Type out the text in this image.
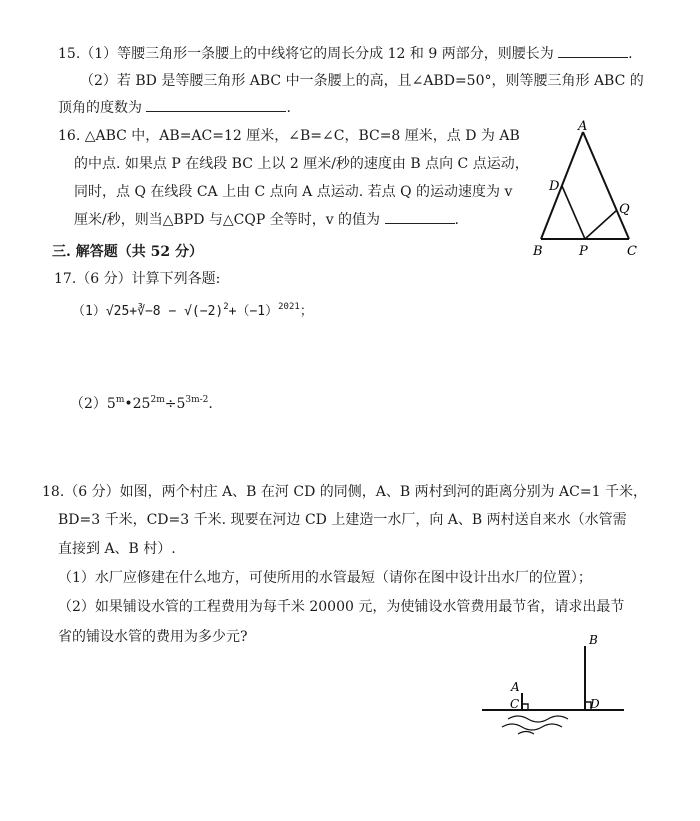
15.（1）等腰三角形一条腰上的中线将它的周长分成 12 和 9 两部分，则腰长为	.
（2）若 BD 是等腰三角形 ABC 中一条腰上的高，且∠ABD=50°，则等腰三角形 ABC 的
顶角的度数为	.
16. △ABC 中，AB=AC=12 厘米，∠B=∠C，BC=8 厘米，点 D 为 AB
的中点. 如果点 P 在线段 BC 上以 2 厘米/秒的速度由 B 点向 C 点运动，
同时，点 Q 在线段 CA 上由 C 点向 A 点运动. 若点 Q 的运动速度为 v
厘米/秒，则当△BPD 与△CQP 全等时，v 的值为	.
A
D
Q
B	P	C
三. 解答题（共 52 分）
17.（6 分）计算下列各题:
（1）√25+∛−8 − $√(-2)^2+(-1)^{2021}$；
$(2)5^m•25^{2m}\div 5^{3m-2}$.
18.（6 分）如图，两个村庄 A、B 在河 CD 的同侧，A、B 两村到河的距离分别为 AC=1 千米，
BD=3 千米，CD=3 千米. 现要在河边 CD 上建造一水厂，向 A、B 两村送自来水（水管需
直接到 A、B 村）.
（1）水厂应修建在什么地方，可使所用的水管最短（请你在图中设计出水厂的位置）；
（2）如果铺设水管的工程费用为每千米 20000 元，为使铺设水管费用最节省，请求出最节
省的铺设水管的费用为多少元?	B
A
C	D
